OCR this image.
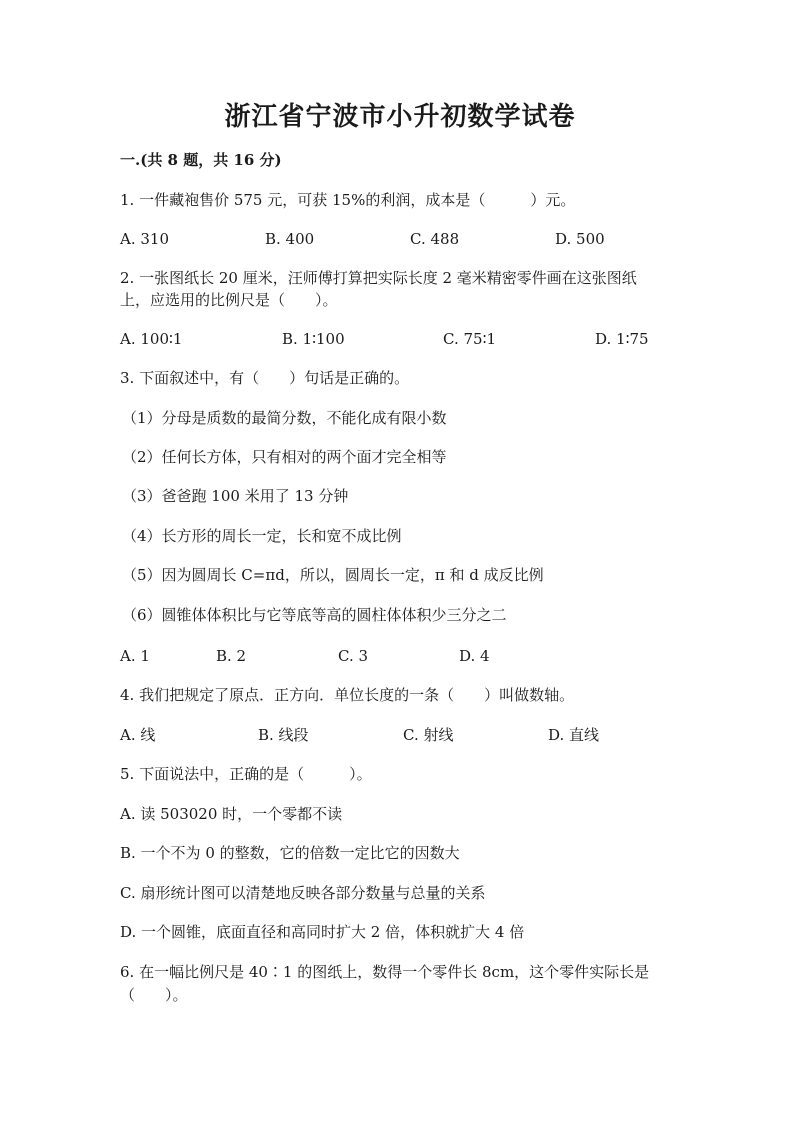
浙江省宁波市小升初数学试卷
一.(共 8 题，共 16 分)
1. 一件藏袍售价 575 元，可获 15%的利润，成本是（　　　）元。
A. 310	B. 400	C. 488	D. 500
2. 一张图纸长 20 厘米，汪师傅打算把实际长度 2 毫米精密零件画在这张图纸
上，应选用的比例尺是（　　）。
A. 100∶1	B. 1∶100	C. 75∶1	D. 1∶75
3. 下面叙述中，有（　　）句话是正确的。
（1）分母是质数的最简分数，不能化成有限小数
（2）任何长方体，只有相对的两个面才完全相等
（3）爸爸跑 100 米用了 13 分钟
（4）长方形的周长一定，长和宽不成比例
（5）因为圆周长 C=πd，所以，圆周长一定，π 和 d 成反比例
（6）圆锥体体积比与它等底等高的圆柱体体积少三分之二
A. 1	B. 2	C. 3	D. 4
4. 我们把规定了原点．正方向．单位长度的一条（　　）叫做数轴。
A. 线	B. 线段	C. 射线	D. 直线
5. 下面说法中，正确的是（　　　）。
A. 读 503020 时，一个零都不读
B. 一个不为 0 的整数，它的倍数一定比它的因数大
C. 扇形统计图可以清楚地反映各部分数量与总量的关系
D. 一个圆锥，底面直径和高同时扩大 2 倍，体积就扩大 4 倍
6. 在一幅比例尺是 40∶1 的图纸上，数得一个零件长 8cm，这个零件实际长是
（　　）。
